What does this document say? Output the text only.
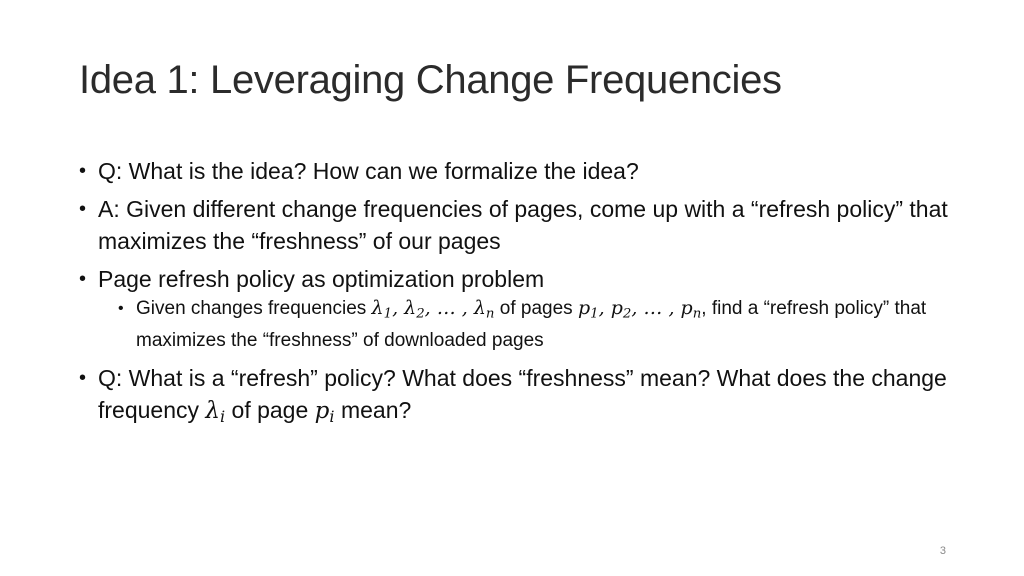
Idea 1: Leveraging Change Frequencies
• Q: What is the idea? How can we formalize the idea?
• A: Given different change frequencies of pages, come up with a “refresh policy” that maximizes the “freshness” of our pages
• Page refresh policy as optimization problem
• Given changes frequencies $\lambda_1$, $\lambda_2$, … , $\lambda_n$ of pages $p_1$, $p_2$, … , $p_n$, find a “refresh policy” that maximizes the “freshness” of downloaded pages
• Q: What is a “refresh” policy? What does “freshness” mean? What does the change frequency $\lambda_i$ of page $p_i$ mean?
3
